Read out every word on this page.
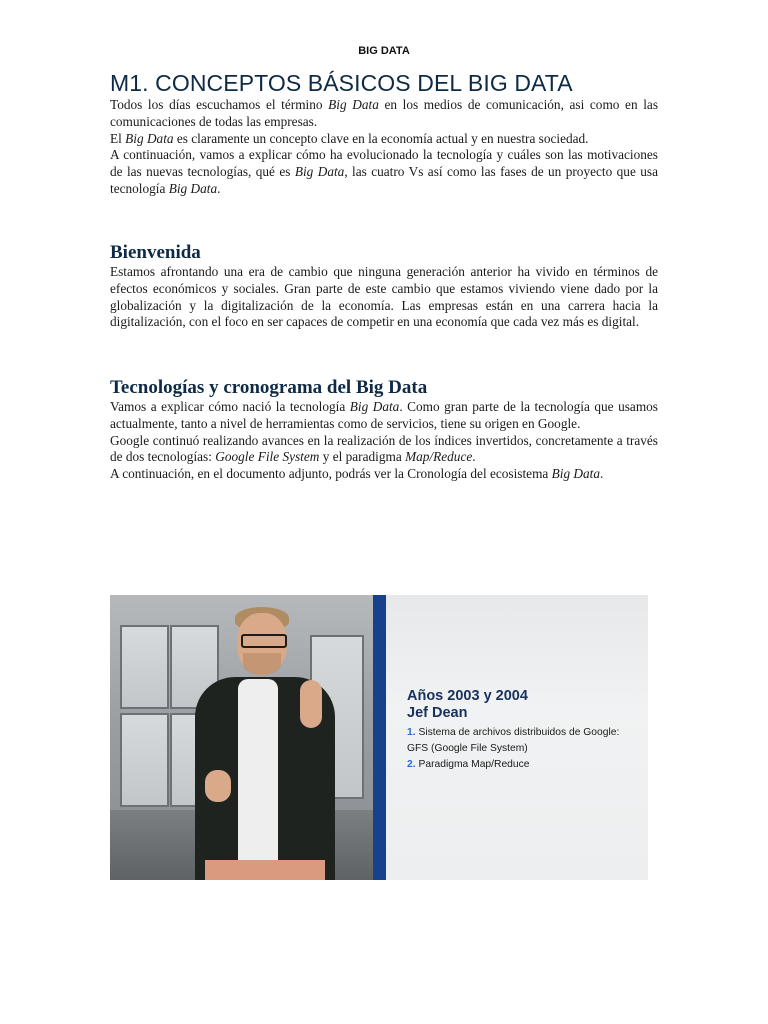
BIG DATA
M1. CONCEPTOS BÁSICOS DEL BIG DATA

Todos los días escuchamos el término Big Data en los medios de comunicación, asi como en las comunicaciones de todas las empresas.

El Big Data es claramente un concepto clave en la economía actual y en nuestra sociedad.

A continuación, vamos a explicar cómo ha evolucionado la tecnología y cuáles son las motivaciones de las nuevas tecnologías, qué es Big Data, las cuatro Vs así como las fases de un proyecto que usa tecnología Big Data.

Bienvenida

Estamos afrontando una era de cambio que ninguna generación anterior ha vivido en términos de efectos económicos y sociales. Gran parte de este cambio que estamos viviendo viene dado por la globalización y la digitalización de la economía. Las empresas están en una carrera hacia la digitalización, con el foco en ser capaces de competir en una economía que cada vez más es digital.

Tecnologías y cronograma del Big Data

Vamos a explicar cómo nació la tecnología Big Data. Como gran parte de la tecnología que usamos actualmente, tanto a nivel de herramientas como de servicios, tiene su origen en Google.

Google continuó realizando avances en la realización de los índices invertidos, concretamente a través de dos tecnologías: Google File System y el paradigma Map/Reduce.

A continuación, en el documento adjunto, podrás ver la Cronología del ecosistema Big Data.

Años 2003 y 2004
Jef Dean
1. Sistema de archivos distribuidos de Google: GFS (Google File System)
2. Paradigma Map/Reduce
